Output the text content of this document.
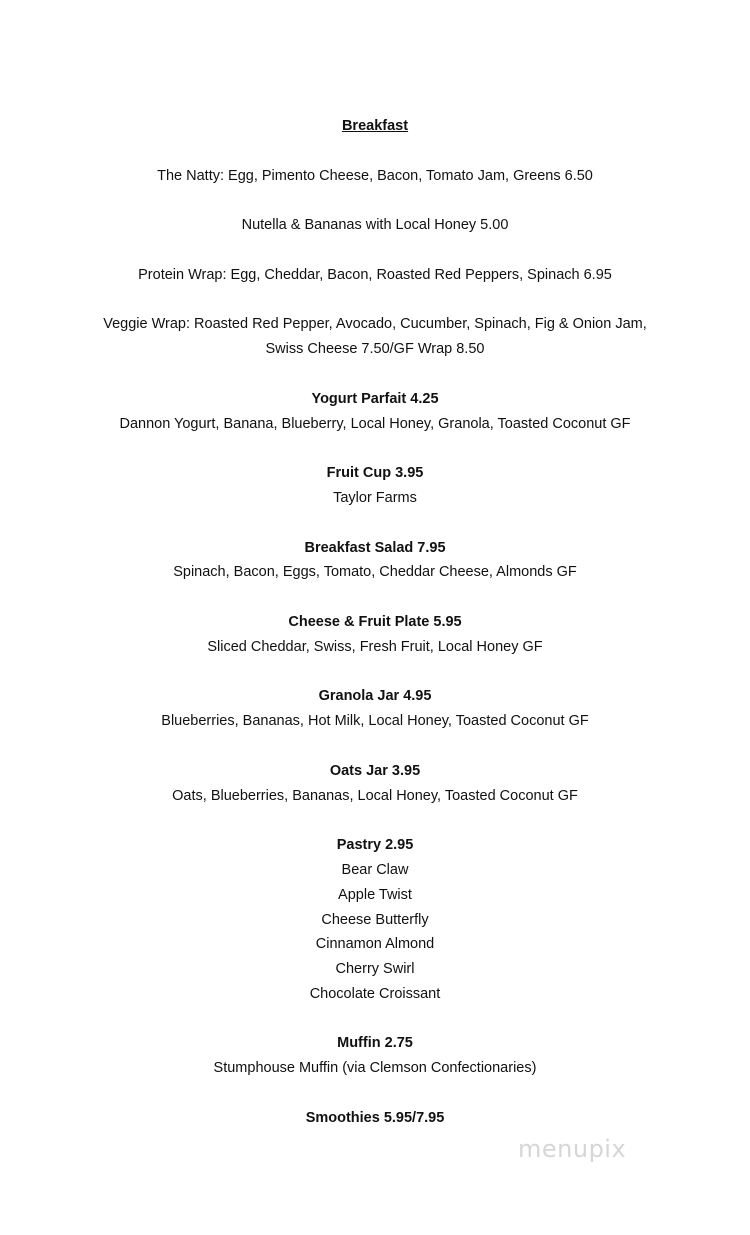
Breakfast
The Natty: Egg, Pimento Cheese, Bacon, Tomato Jam, Greens 6.50
Nutella & Bananas with Local Honey 5.00
Protein Wrap: Egg, Cheddar, Bacon, Roasted Red Peppers, Spinach 6.95
Veggie Wrap: Roasted Red Pepper, Avocado, Cucumber, Spinach, Fig & Onion Jam, Swiss Cheese 7.50/GF Wrap 8.50
Yogurt Parfait 4.25
Dannon Yogurt, Banana, Blueberry, Local Honey, Granola, Toasted Coconut GF
Fruit Cup 3.95
Taylor Farms
Breakfast Salad 7.95
Spinach, Bacon, Eggs, Tomato, Cheddar Cheese, Almonds GF
Cheese & Fruit Plate 5.95
Sliced Cheddar, Swiss, Fresh Fruit, Local Honey GF
Granola Jar 4.95
Blueberries, Bananas, Hot Milk, Local Honey, Toasted Coconut GF
Oats Jar 3.95
Oats, Blueberries, Bananas, Local Honey, Toasted Coconut GF
Pastry 2.95
Bear Claw
Apple Twist
Cheese Butterfly
Cinnamon Almond
Cherry Swirl
Chocolate Croissant
Muffin 2.75
Stumphouse Muffin (via Clemson Confectionaries)
Smoothies 5.95/7.95
menupix
